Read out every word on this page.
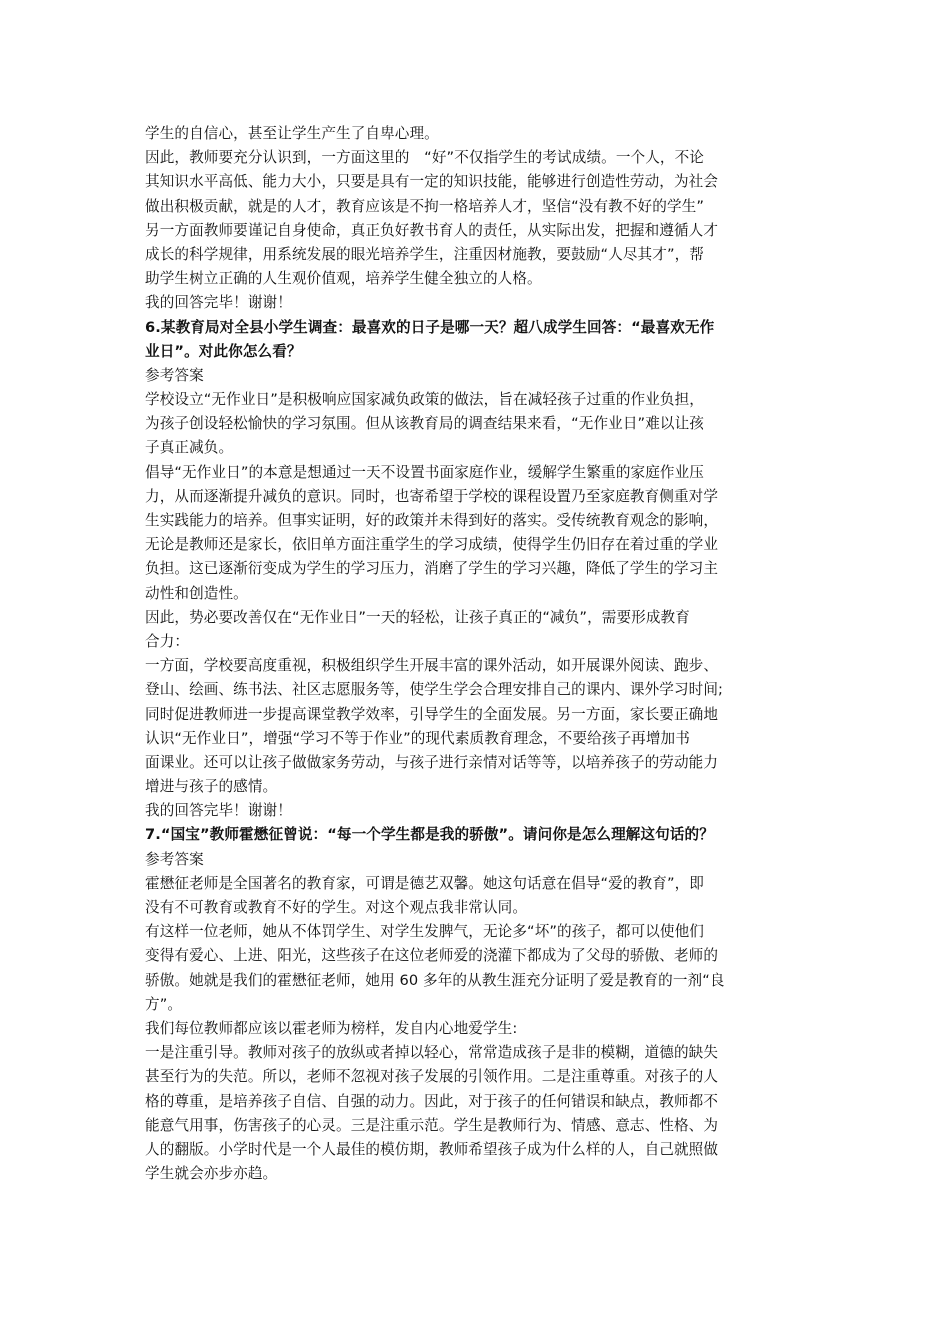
学生的自信心，甚至让学生产生了自卑心理。
因此，教师要充分认识到，一方面这里的　“好”不仅指学生的考试成绩。一个人，不论
其知识水平高低、能力大小，只要是具有一定的知识技能，能够进行创造性劳动，为社会
做出积极贡献，就是的人才，教育应该是不拘一格培养人才，坚信“没有教不好的学生”
另一方面教师要谨记自身使命，真正负好教书育人的责任，从实际出发，把握和遵循人才
成长的科学规律，用系统发展的眼光培养学生，注重因材施教，要鼓励“人尽其才”，帮
助学生树立正确的人生观价值观，培养学生健全独立的人格。
我的回答完毕！谢谢！
6.某教育局对全县小学生调查：最喜欢的日子是哪一天？超八成学生回答：“最喜欢无作
业日”。对此你怎么看？
参考答案
学校设立“无作业日”是积极响应国家减负政策的做法，旨在减轻孩子过重的作业负担，
为孩子创设轻松愉快的学习氛围。但从该教育局的调查结果来看，“无作业日”难以让孩
子真正减负。
倡导“无作业日”的本意是想通过一天不设置书面家庭作业，缓解学生繁重的家庭作业压
力，从而逐渐提升减负的意识。同时，也寄希望于学校的课程设置乃至家庭教育侧重对学
生实践能力的培养。但事实证明，好的政策并未得到好的落实。受传统教育观念的影响，
无论是教师还是家长，依旧单方面注重学生的学习成绩，使得学生仍旧存在着过重的学业
负担。这已逐渐衍变成为学生的学习压力，消磨了学生的学习兴趣，降低了学生的学习主
动性和创造性。
因此，势必要改善仅在“无作业日”一天的轻松，让孩子真正的“减负”，需要形成教育
合力：
一方面，学校要高度重视，积极组织学生开展丰富的课外活动，如开展课外阅读、跑步、
登山、绘画、练书法、社区志愿服务等，使学生学会合理安排自己的课内、课外学习时间;
同时促进教师进一步提高课堂教学效率，引导学生的全面发展。另一方面，家长要正确地
认识“无作业日”，增强“学习不等于作业”的现代素质教育理念，不要给孩子再增加书
面课业。还可以让孩子做做家务劳动，与孩子进行亲情对话等等，以培养孩子的劳动能力
增进与孩子的感情。
我的回答完毕！谢谢！
7.“国宝”教师霍懋征曾说：“每一个学生都是我的骄傲”。请问你是怎么理解这句话的？
参考答案
霍懋征老师是全国著名的教育家，可谓是德艺双馨。她这句话意在倡导“爱的教育”，即
没有不可教育或教育不好的学生。对这个观点我非常认同。
有这样一位老师，她从不体罚学生、对学生发脾气，无论多“坏”的孩子，都可以使他们
变得有爱心、上进、阳光，这些孩子在这位老师爱的浇灌下都成为了父母的骄傲、老师的
骄傲。她就是我们的霍懋征老师，她用 60 多年的从教生涯充分证明了爱是教育的一剂“良
方”。
我们每位教师都应该以霍老师为榜样，发自内心地爱学生:
一是注重引导。教师对孩子的放纵或者掉以轻心，常常造成孩子是非的模糊，道德的缺失
甚至行为的失范。所以，老师不忽视对孩子发展的引领作用。二是注重尊重。对孩子的人
格的尊重，是培养孩子自信、自强的动力。因此，对于孩子的任何错误和缺点，教师都不
能意气用事，伤害孩子的心灵。三是注重示范。学生是教师行为、情感、意志、性格、为
人的翻版。小学时代是一个人最佳的模仿期，教师希望孩子成为什么样的人，自己就照做
学生就会亦步亦趋。
